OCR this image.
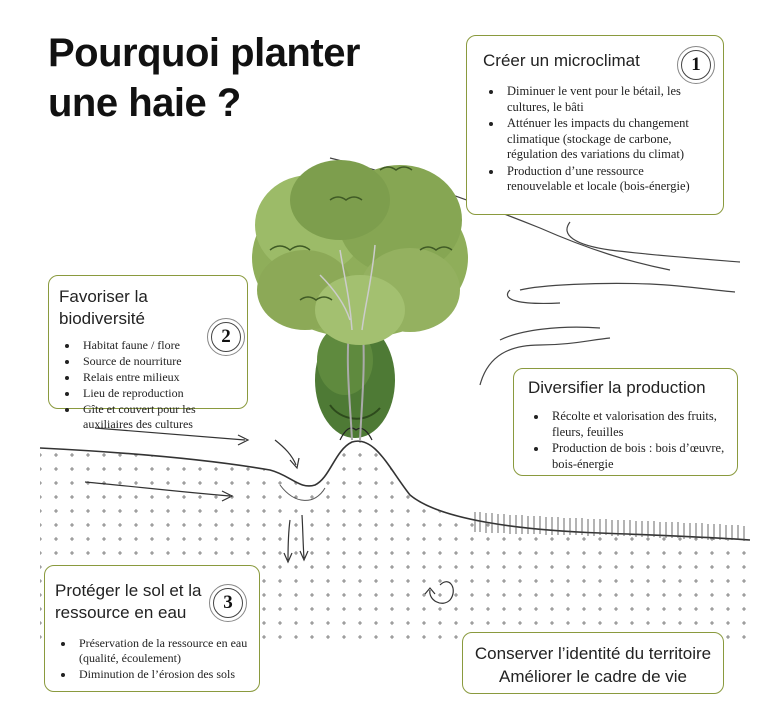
Pourquoi planter
une haie ?
Créer un microclimat	1
• Diminuer le vent pour le bétail, les cultures, le bâti
• Atténuer les impacts du changement climatique (stockage de carbone, régulation des variations du climat)
• Production d’une ressource renouvelable et locale (bois-énergie)
Favoriser la biodiversité
2
• Habitat faune / flore
• Source de nourriture
• Relais entre milieux
• Lieu de reproduction
• Gîte et couvert pour les auxiliaires des cultures
Diversifier la production
• Récolte et valorisation des fruits, fleurs, feuilles
• Production de bois : bois d’œuvre, bois-énergie
Protéger le sol et la
ressource en eau	3
• Préservation de la ressource en eau (qualité, écoulement)
• Diminution de l’érosion des sols

Conserver l’identité du territoire

Améliorer le cadre de vie
